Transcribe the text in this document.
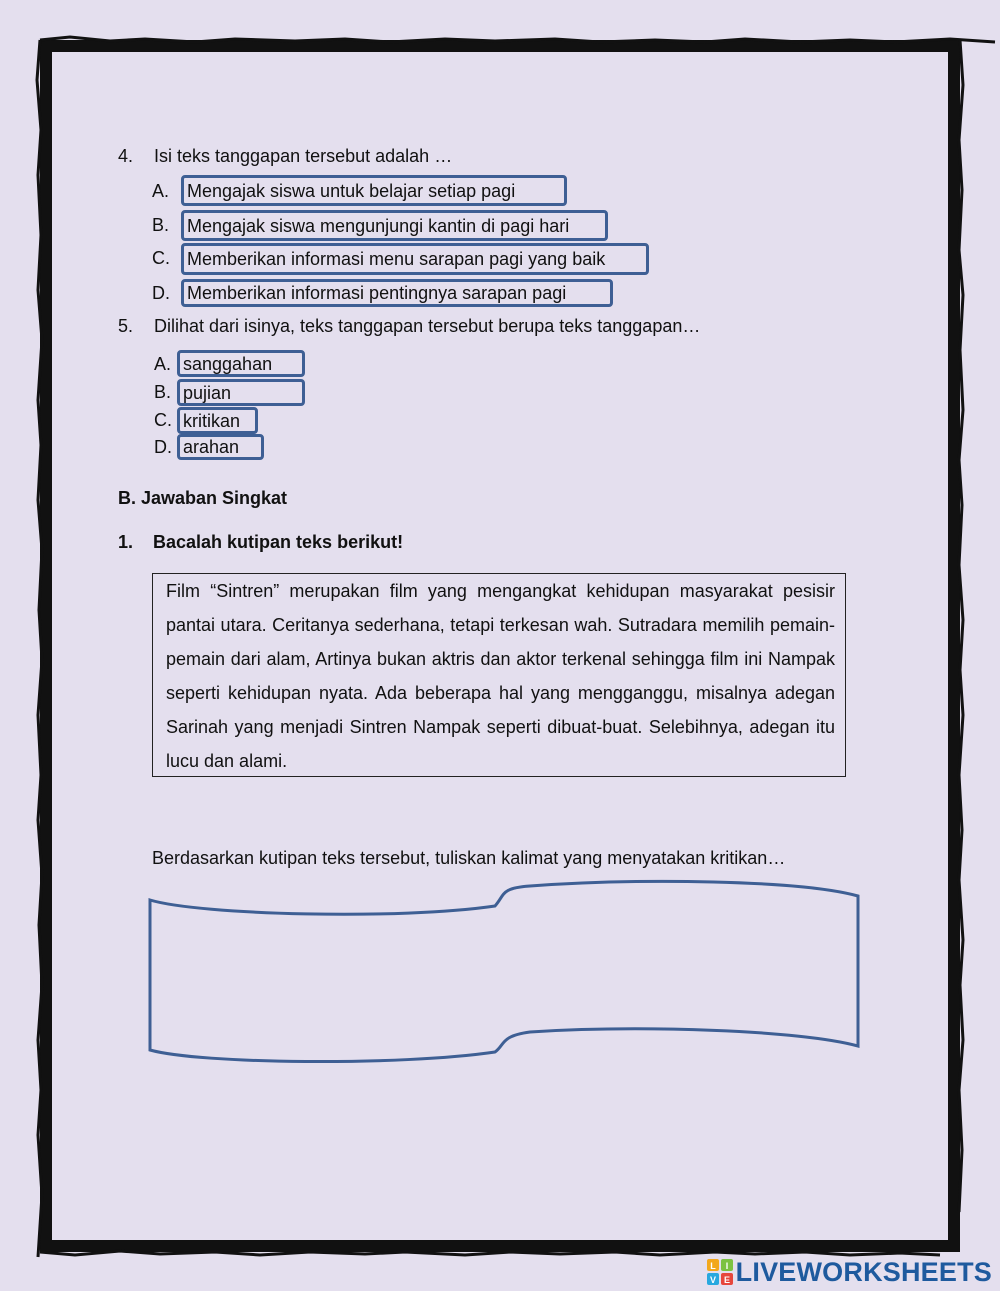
4. Isi teks tanggapan tersebut adalah …
A. Mengajak siswa untuk belajar setiap pagi
B. Mengajak siswa mengunjungi kantin di pagi hari
C. Memberikan informasi menu sarapan pagi yang baik
D. Memberikan informasi pentingnya sarapan pagi
5. Dilihat dari isinya, teks tanggapan tersebut berupa teks tanggapan…
A. sanggahan
B. pujian
C. kritikan
D. arahan
B. Jawaban Singkat
1. Bacalah kutipan teks berikut!

Film “Sintren” merupakan film yang mengangkat kehidupan masyarakat pesisir pantai utara. Ceritanya sederhana, tetapi terkesan wah. Sutradara memilih pemain-pemain dari alam, Artinya bukan aktris dan aktor terkenal sehingga film ini Nampak seperti kehidupan nyata. Ada beberapa hal yang mengganggu, misalnya adegan Sarinah yang menjadi Sintren Nampak seperti dibuat-buat. Selebihnya, adegan itu lucu dan alami.

Berdasarkan kutipan teks tersebut, tuliskan kalimat yang menyatakan kritikan…
L I
V E LIVEWORKSHEETS
